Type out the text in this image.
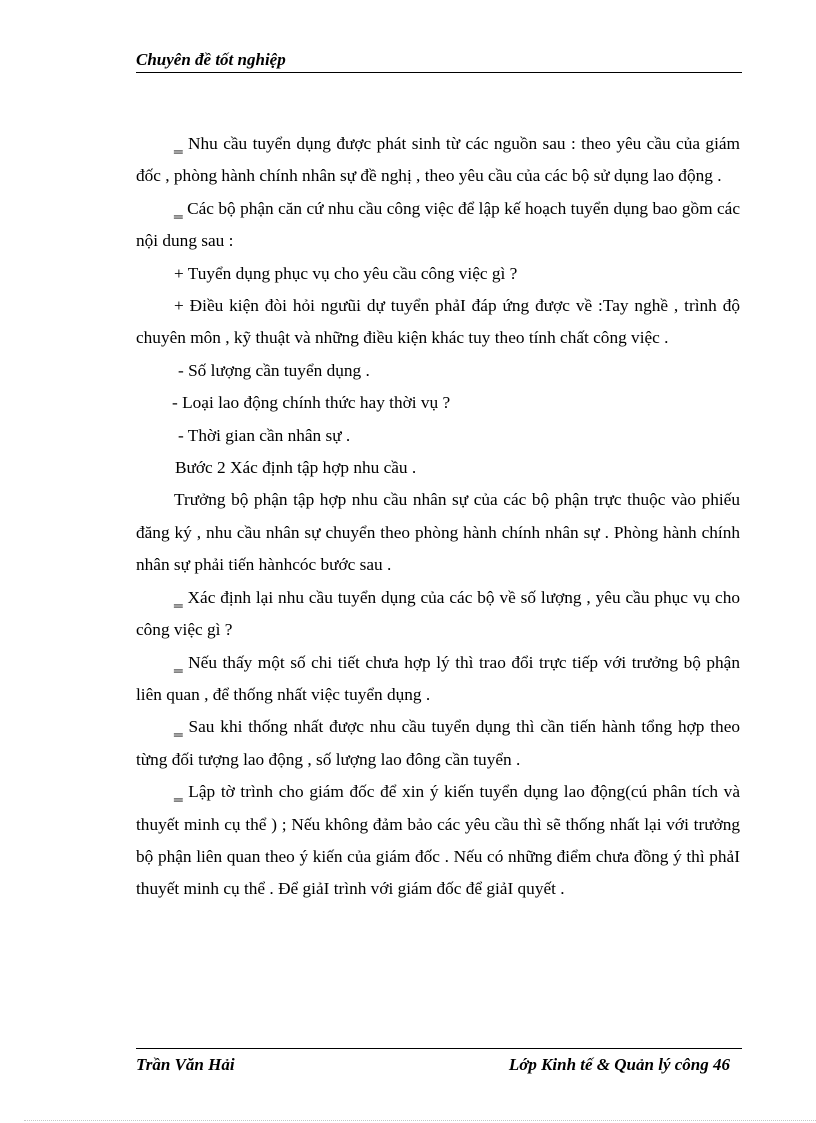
Chuyên đề tốt nghiệp

‗ Nhu cầu tuyển dụng được phát sinh từ các nguồn sau : theo yêu cầu của giám đốc , phòng hành chính nhân sự đề nghị , theo yêu cầu của các bộ sử dụng lao động .

‗ Các bộ phận căn cứ nhu cầu công việc để lập kế hoạch tuyển dụng bao gồm các nội dung sau :

+ Tuyển dụng phục vụ cho yêu cầu công việc gì ?

+ Điều kiện đòi hỏi ngưũi dự tuyển phảI đáp ứng được về :Tay nghề , trình độ chuyên môn , kỹ thuật và những điều kiện khác tuy theo tính chất công việc .

- Số lượng cần tuyển dụng .

- Loại lao động chính thức hay thời vụ ?

- Thời gian cần nhân sự .

Bước 2 Xác định tập hợp nhu cầu .

Trưởng bộ phận tập hợp nhu cầu nhân sự của các bộ phận trực thuộc vào phiếu đăng ký , nhu cầu nhân sự chuyển theo phòng hành chính nhân sự . Phòng hành chính nhân sự phải tiến hànhcóc bước sau .

‗ Xác định lại nhu cầu tuyển dụng của các bộ về số lượng , yêu cầu phục vụ cho công việc gì ?

‗ Nếu thấy một số chi tiết chưa hợp lý thì trao đổi trực tiếp với trưởng bộ phận liên quan , để thống nhất việc tuyển dụng .

‗ Sau khi thống nhất được nhu cầu tuyển dụng thì cần tiến hành tổng hợp theo từng đối tượng lao động , số lượng lao đông cần tuyển .

‗ Lập tờ trình cho giám đốc để xin ý kiến tuyển dụng lao động(cú phân tích và thuyết minh cụ thể ) ; Nếu không đảm bảo các yêu cầu thì sẽ thống nhất lại với trưởng bộ phận liên quan theo ý kiến của giám đốc . Nếu có những điểm chưa đồng ý thì phảI thuyết minh cụ thể . Để giảI trình với giám đốc để giảI quyết .

Trần Văn Hải	Lớp Kinh tế & Quản lý công 46
